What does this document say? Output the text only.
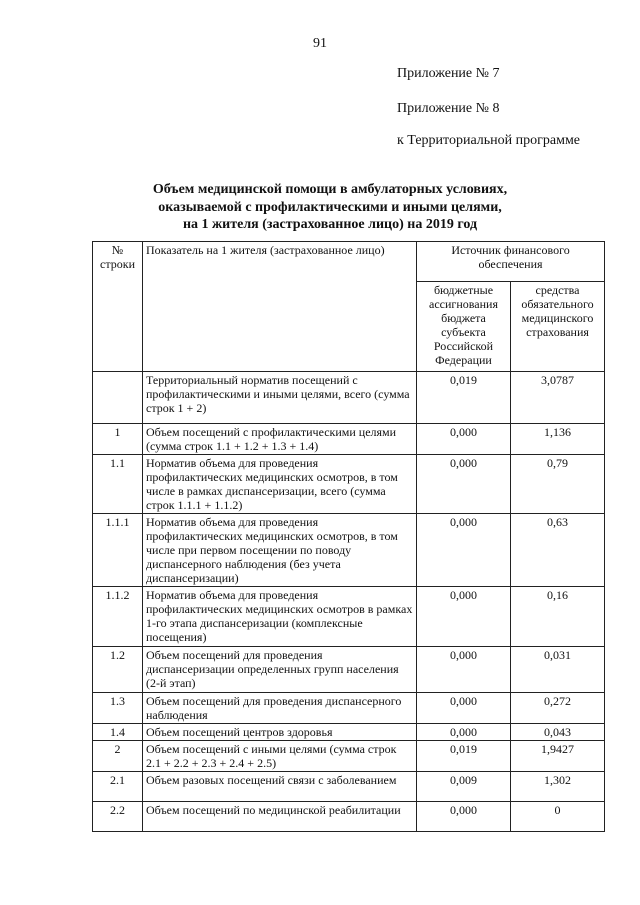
91
Приложение № 7
Приложение № 8
к Территориальной программе
Объем медицинской помощи в амбулаторных условиях,
оказываемой с профилактическими и иными целями,
на 1 жителя (застрахованное лицо) на 2019 год
№ строки	Показатель на 1 жителя (застрахованное лицо)	Источник финансового обеспечения	
		бюджетные ассигнования бюджета субъекта Российской Федерации	средства обязательного медицинского страхования
	Территориальный норматив посещений с профилактическими и иными целями, всего (сумма строк 1 + 2)	0,019	3,0787
1	Объем посещений с профилактическими целями (сумма строк 1.1 + 1.2 + 1.3 + 1.4)	0,000	1,136
1.1	Норматив объема для проведения профилактических медицинских осмотров, в том числе в рамках диспансеризации, всего (сумма строк 1.1.1 + 1.1.2)	0,000	0,79
1.1.1	Норматив объема для проведения профилактических медицинских осмотров, в том числе при первом посещении по поводу диспансерного наблюдения (без учета диспансеризации)	0,000	0,63
1.1.2	Норматив объема для проведения профилактических медицинских осмотров в рамках 1-го этапа диспансеризации (комплексные посещения)	0,000	0,16
1.2	Объем посещений для проведения диспансеризации определенных групп населения (2-й этап)	0,000	0,031
1.3	Объем посещений для проведения диспансерного наблюдения	0,000	0,272
1.4	Объем посещений центров здоровья	0,000	0,043
2	Объем посещений с иными целями (сумма строк 2.1 + 2.2 + 2.3 + 2.4 + 2.5)	0,019	1,9427
2.1	Объем разовых посещений связи с заболеванием	0,009	1,302
2.2	Объем посещений по медицинской реабилитации	0,000	0
